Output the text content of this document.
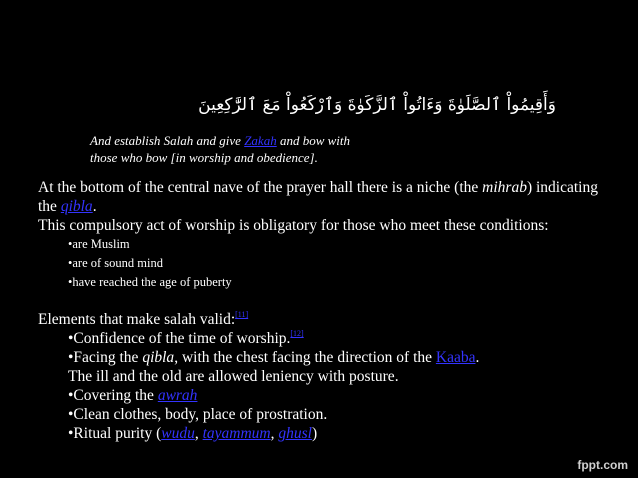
وَأَقِيمُواْ ٱلصَّلَوٰةَ وَءَاتُواْ ٱلزَّكَوٰةَ وَٱرْكَعُواْ مَعَ ٱلرَّٰكِعِينَ
And establish Salah and give Zakah and bow with
those who bow [in worship and obedience].
At the bottom of the central nave of the prayer hall there is a niche (the mihrab) indicating the qibla.
This compulsory act of worship is obligatory for those who meet these conditions:
•are Muslim
•are of sound mind
•have reached the age of puberty
Elements that make salah valid:[11]
•Confidence of the time of worship.[12]
•Facing the qibla, with the chest facing the direction of the Kaaba.
The ill and the old are allowed leniency with posture.
•Covering the awrah
•Clean clothes, body, place of prostration.
•Ritual purity (wudu, tayammum, ghusl)
fppt.com
